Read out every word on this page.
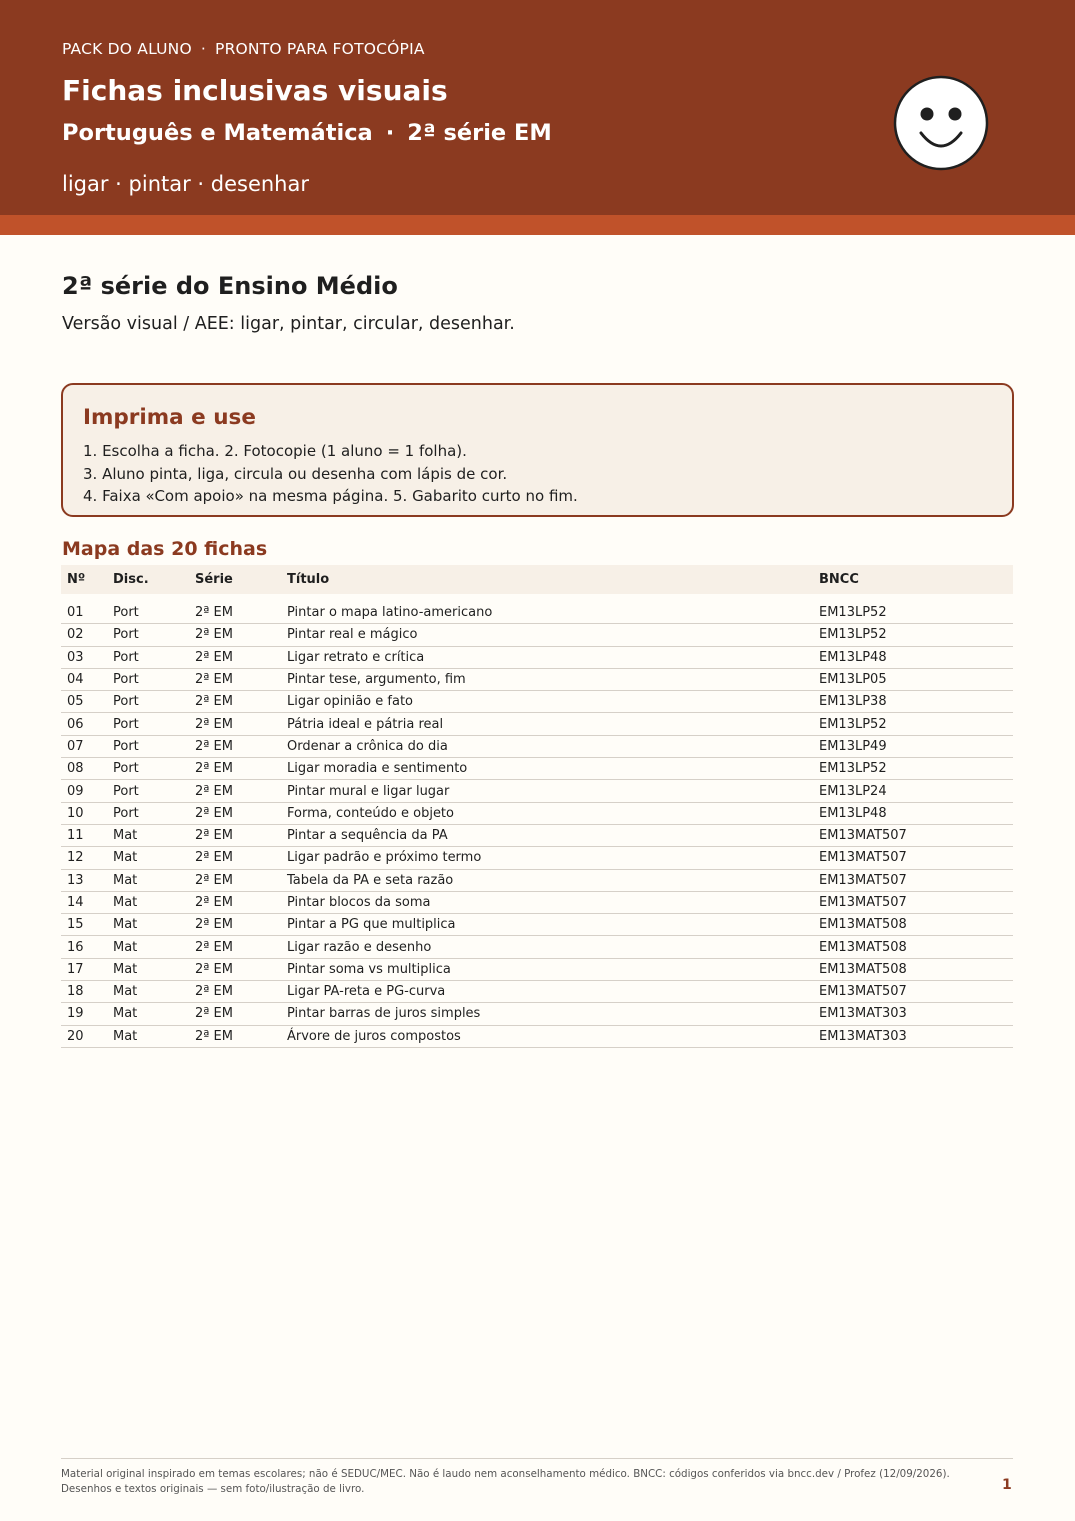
PACK DO ALUNO · PRONTO PARA FOTOCÓPIA
Fichas inclusivas visuais
Português e Matemática · 2ª série EM
ligar · pintar · desenhar
2ª série do Ensino Médio

Versão visual / AEE: ligar, pintar, circular, desenhar.

Imprima e use
1. Escolha a ficha. 2. Fotocopie (1 aluno = 1 folha).
3. Aluno pinta, liga, circula ou desenha com lápis de cor.
4. Faixa «Com apoio» na mesma página. 5. Gabarito curto no fim.
Mapa das 20 fichas
Nº	Disc.	Série	Título	BNCC

01	Port	2ª EM	Pintar o mapa latino-americano	EM13LP52
02	Port	2ª EM	Pintar real e mágico	EM13LP52
03	Port	2ª EM	Ligar retrato e crítica	EM13LP48
04	Port	2ª EM	Pintar tese, argumento, fim	EM13LP05
05	Port	2ª EM	Ligar opinião e fato	EM13LP38
06	Port	2ª EM	Pátria ideal e pátria real	EM13LP52
07	Port	2ª EM	Ordenar a crônica do dia	EM13LP49
08	Port	2ª EM	Ligar moradia e sentimento	EM13LP52
09	Port	2ª EM	Pintar mural e ligar lugar	EM13LP24
10	Port	2ª EM	Forma, conteúdo e objeto	EM13LP48
11	Mat	2ª EM	Pintar a sequência da PA	EM13MAT507
12	Mat	2ª EM	Ligar padrão e próximo termo	EM13MAT507
13	Mat	2ª EM	Tabela da PA e seta razão	EM13MAT507
14	Mat	2ª EM	Pintar blocos da soma	EM13MAT507
15	Mat	2ª EM	Pintar a PG que multiplica	EM13MAT508
16	Mat	2ª EM	Ligar razão e desenho	EM13MAT508
17	Mat	2ª EM	Pintar soma vs multiplica	EM13MAT508
18	Mat	2ª EM	Ligar PA-reta e PG-curva	EM13MAT507
19	Mat	2ª EM	Pintar barras de juros simples	EM13MAT303
20	Mat	2ª EM	Árvore de juros compostos	EM13MAT303

Material original inspirado em temas escolares; não é SEDUC/MEC. Não é laudo nem aconselhamento médico. BNCC: códigos conferidos via bncc.dev / Profez (12/09/2026).
Desenhos e textos originais — sem foto/ilustração de livro.	1
